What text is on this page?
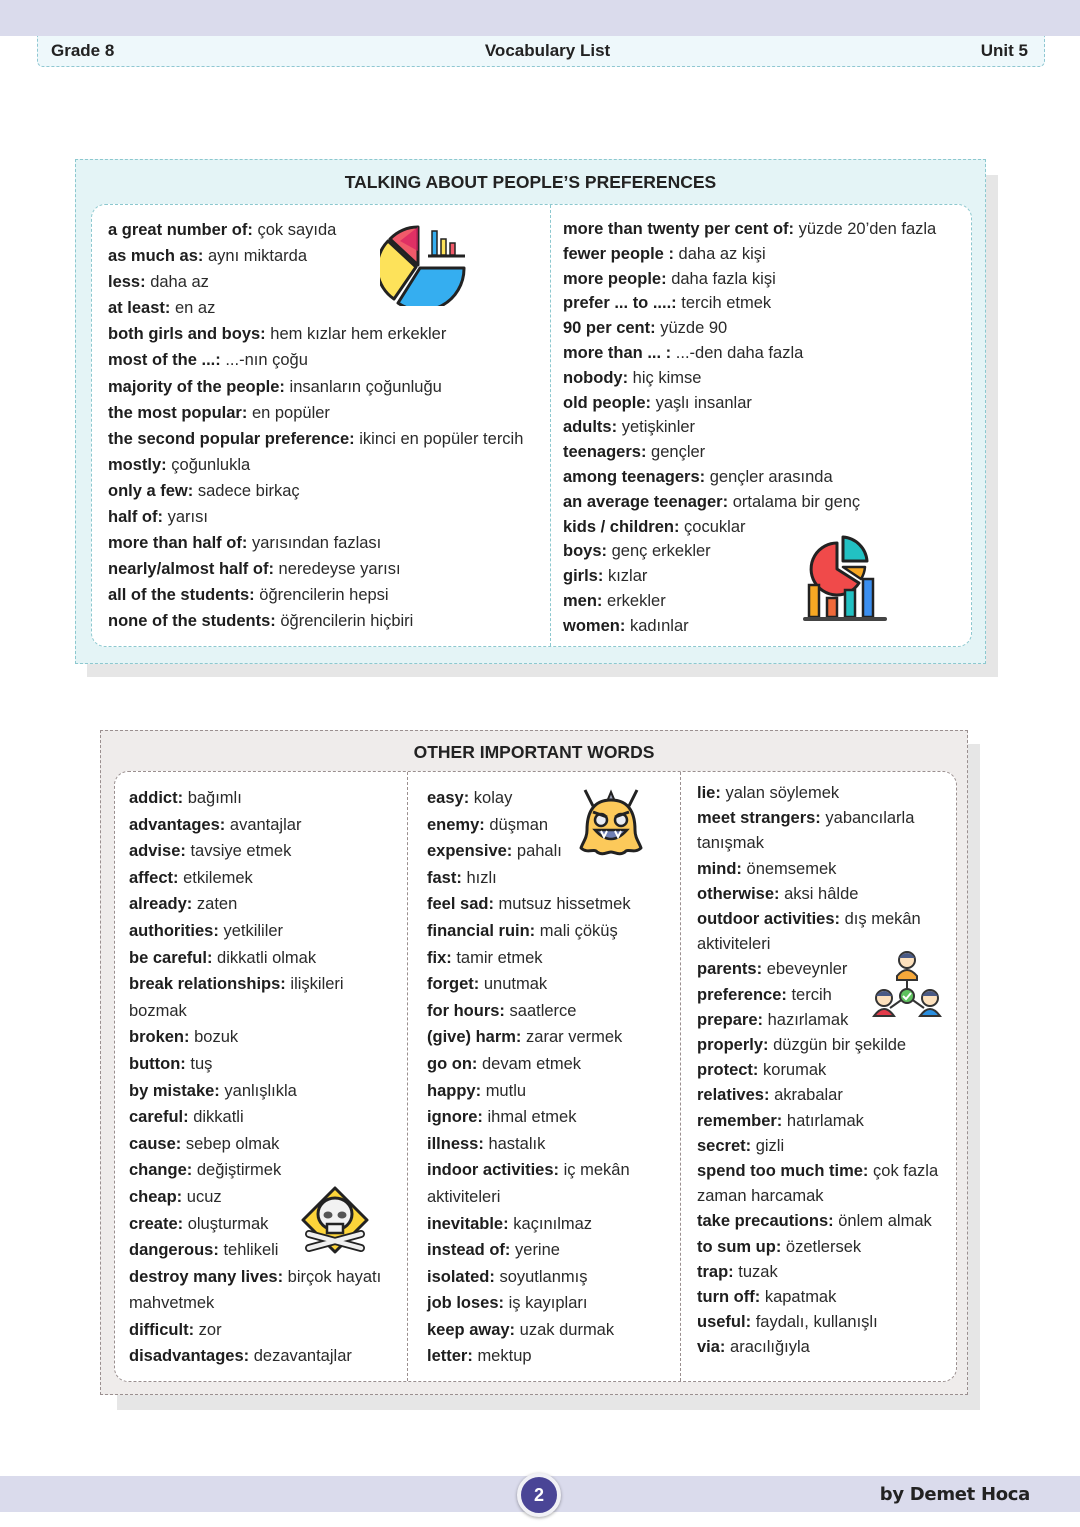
Grade 8	Vocabulary List	Unit 5
TALKING ABOUT PEOPLE’S PREFERENCES
a great number of: çok sayıda
as much as: aynı miktarda
less: daha az
at least: en az
both girls and boys: hem kızlar hem erkekler
most of the ...: ...-nın çoğu
majority of the people: insanların çoğunluğu
the most popular: en popüler
the second popular preference: ikinci en popüler tercih
mostly: çoğunlukla
only a few: sadece birkaç
half of: yarısı
more than half of: yarısından fazlası
nearly/almost half of: neredeyse yarısı
all of the students: öğrencilerin hepsi
none of the students: öğrencilerin hiçbiri
more than twenty per cent of: yüzde 20’den fazla
fewer people : daha az kişi
more people: daha fazla kişi
prefer ... to ....: tercih etmek
90 per cent: yüzde 90
more than ... : ...-den daha fazla
nobody: hiç kimse
old people: yaşlı insanlar
adults: yetişkinler
teenagers: gençler
among teenagers: gençler arasında
an average teenager: ortalama bir genç
kids / children: çocuklar
boys: genç erkekler
girls: kızlar
men: erkekler
women: kadınlar
OTHER IMPORTANT WORDS
addict: bağımlı
advantages: avantajlar
advise: tavsiye etmek
affect: etkilemek
already: zaten
authorities: yetkililer
be careful: dikkatli olmak
break relationships: ilişkileri bozmak
broken: bozuk
button: tuş
by mistake: yanlışlıkla
careful: dikkatli
cause: sebep olmak
change: değiştirmek
cheap: ucuz
create: oluşturmak
dangerous: tehlikeli
destroy many lives: birçok hayatı mahvetmek
difficult: zor
disadvantages: dezavantajlar
easy: kolay
enemy: düşman
expensive: pahalı
fast: hızlı
feel sad: mutsuz hissetmek
financial ruin: mali çöküş
fix: tamir etmek
forget: unutmak
for hours: saatlerce
(give) harm: zarar vermek
go on: devam etmek
happy: mutlu
ignore: ihmal etmek
illness: hastalık
indoor activities: iç mekân aktiviteleri
inevitable: kaçınılmaz
instead of: yerine
isolated: soyutlanmış
job loses: iş kayıpları
keep away: uzak durmak
letter: mektup
lie: yalan söylemek
meet strangers: yabancılarla tanışmak
mind: önemsemek
otherwise: aksi hâlde
outdoor activities: dış mekân aktiviteleri
parents: ebeveynler
preference: tercih
prepare: hazırlamak
properly: düzgün bir şekilde
protect: korumak
relatives: akrabalar
remember: hatırlamak
secret: gizli
spend too much time: çok fazla zaman harcamak
take precautions: önlem almak
to sum up: özetlersek
trap: tuzak
turn off: kapatmak
useful: faydalı, kullanışlı
via: aracılığıyla
2	by Demet Hoca
